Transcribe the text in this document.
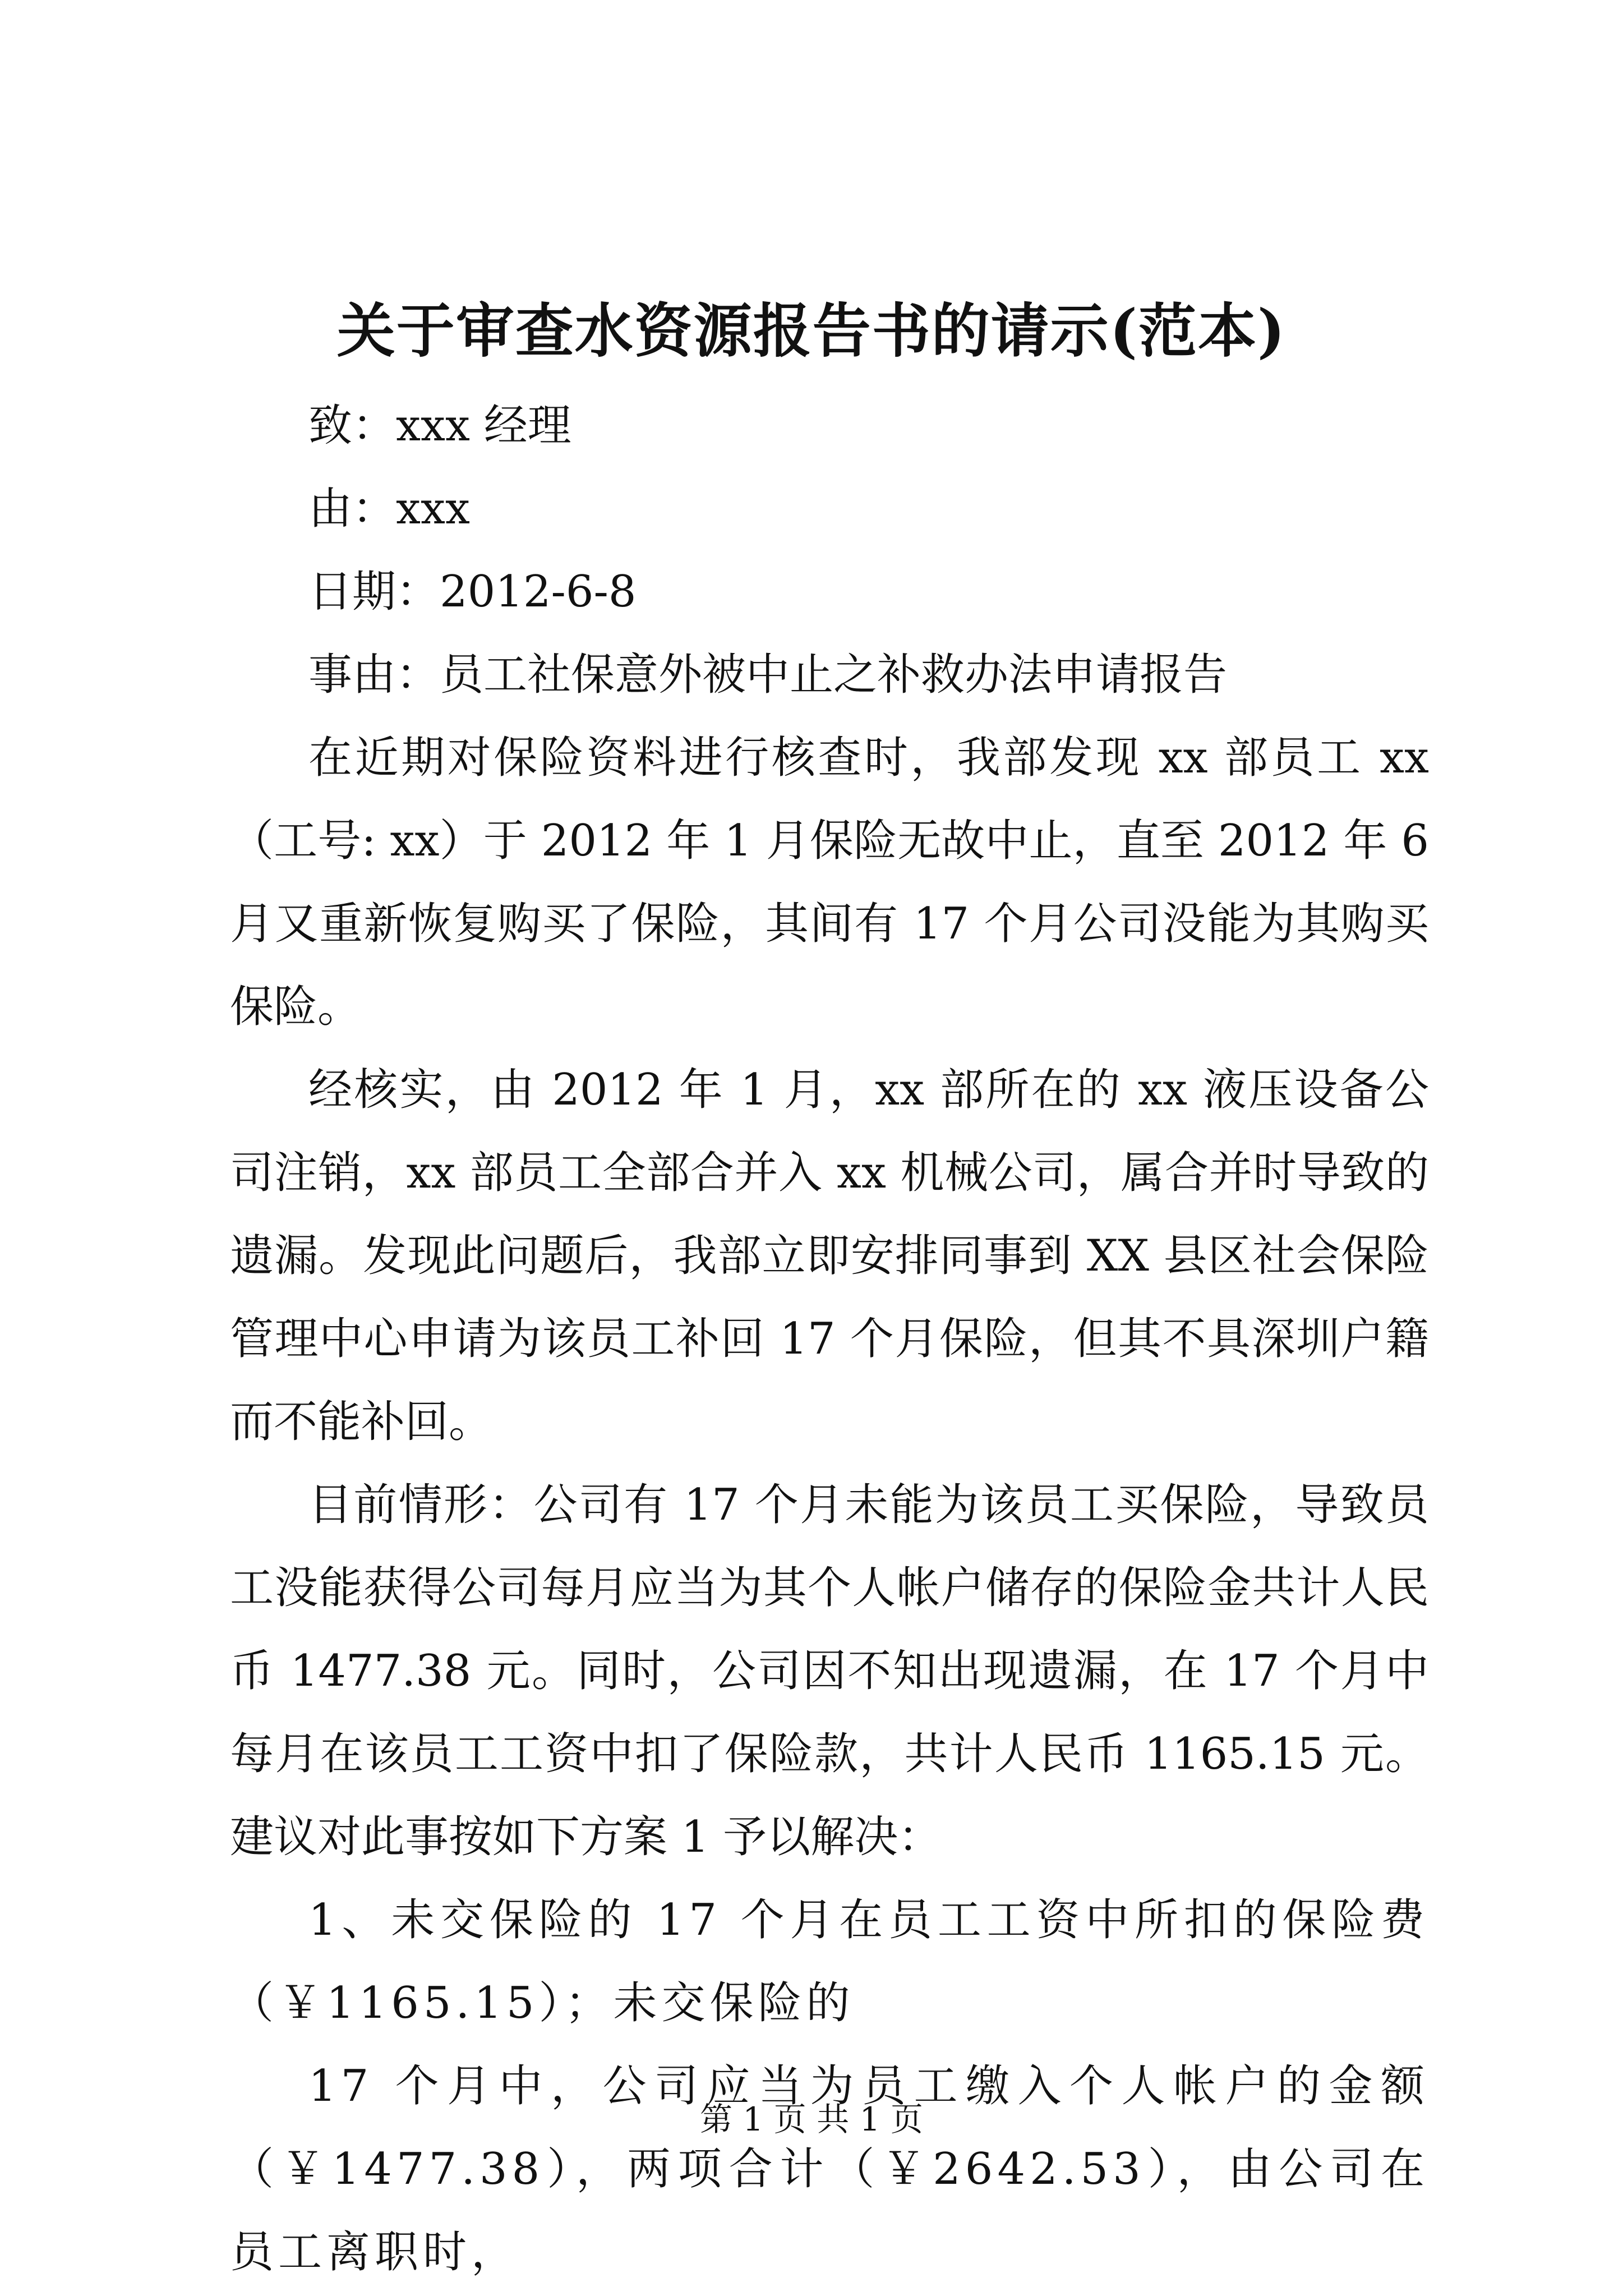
关于审查水资源报告书的请示(范本)

致：xxx 经理

由：xxx

日期：2012-6-8

事由：员工社保意外被中止之补救办法申请报告

在近期对保险资料进行核查时，我部发现 xx 部员工 xx（工号: xx）于 2012 年 1 月保险无故中止，直至 2012 年 6 月又重新恢复购买了保险，其间有 17 个月公司没能为其购买保险。

经核实，由 2012 年 1 月，xx 部所在的 xx 液压设备公司注销，xx 部员工全部合并入 xx 机械公司，属合并时导致的遗漏。发现此问题后，我部立即安排同事到 XX 县区社会保险管理中心申请为该员工补回 17 个月保险，但其不具深圳户籍而不能补回。

目前情形：公司有 17 个月未能为该员工买保险，导致员工没能获得公司每月应当为其个人帐户储存的保险金共计人民币 1477.38 元。同时，公司因不知出现遗漏，在 17 个月中每月在该员工工资中扣了保险款，共计人民币 1165.15 元。建议对此事按如下方案 1 予以解决：

1、未交保险的 17 个月在员工工资中所扣的保险费（￥1165.15）；未交保险的

17 个月中，公司应当为员工缴入个人帐户的金额（￥1477.38），两项合计（￥2642.53），由公司在员工离职时，

第 1 页 共 1 页
